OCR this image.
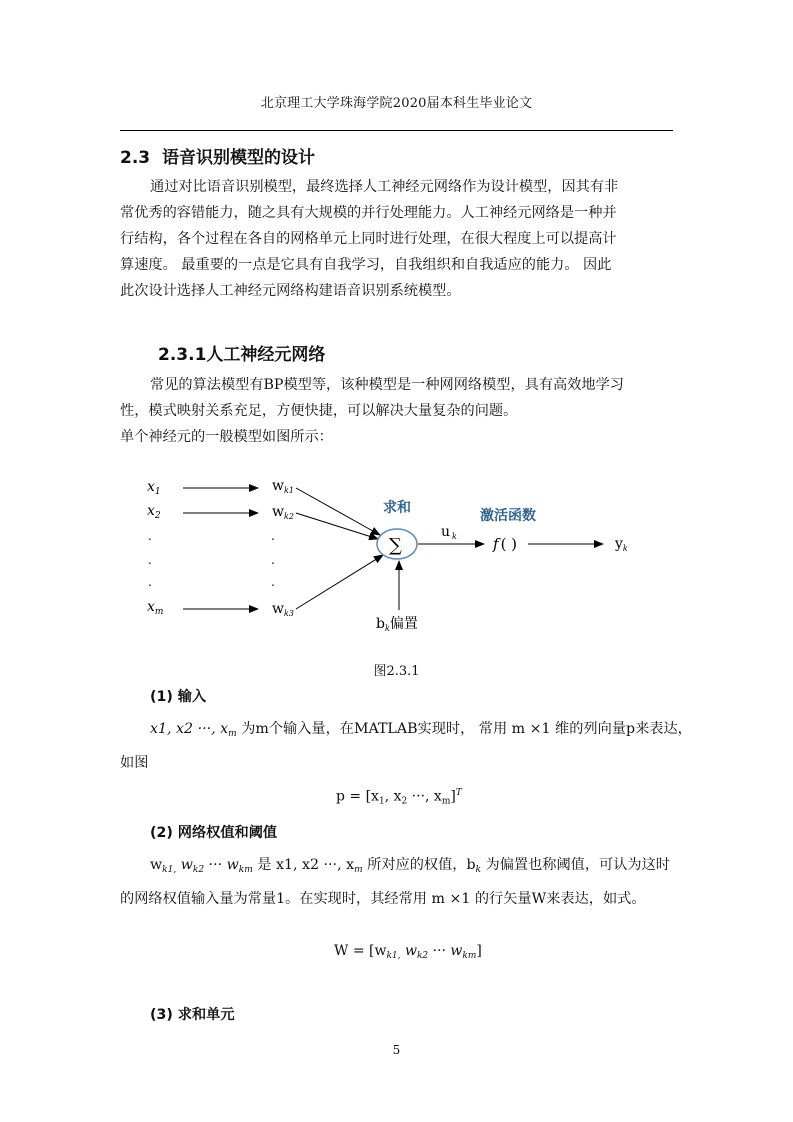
北京理工大学珠海学院2020届本科生毕业论文
2.3 语音识别模型的设计
通过对比语音识别模型，最终选择人工神经元网络作为设计模型，因其有非
常优秀的容错能力，随之具有大规模的并行处理能力。人工神经元网络是一种并
行结构，各个过程在各自的网格单元上同时进行处理，在很大程度上可以提高计
算速度。 最重要的一点是它具有自我学习，自我组织和自我适应的能力。 因此
此次设计选择人工神经元网络构建语音识别系统模型。
2.3.1人工神经元网络
常见的算法模型有BP模型等，该种模型是一种网网络模型，具有高效地学习
性，模式映射关系充足，方便快捷，可以解决大量复杂的问题。
单个神经元的一般模型如图所示：
$x_1$
$x_2$
.
.
.
$x_m$
$w_{k1}$
$w_{k2}$
.
.
.
$w_{k3}$
求和
∑
u $_k$
激活函数
f ( )	$y_k$
$b_k$偏置
图2.3.1
(1) 输入
x1, x2 ···, $x_m$ 为m个输入量，在MATLAB实现时， 常用 m ×1 维的列向量p来表达，
如图
$p = [x_1$, $x_2$ ···, $x_m]^T$
(2) 网络权值和阈值
$w_{k1,}$ $w_{k2}$ ··· $w_{km}$ 是 x1, x2 ···, $x_m$ 所对应的权值，$b_k$ 为偏置也称阈值，可认为这时
的网络权值输入量为常量1。在实现时，其经常用 m ×1 的行矢量W来表达，如式。
$W = [w_{k1,}$ $w_{k2}$ ··· $w_{km}$]
(3) 求和单元
5
